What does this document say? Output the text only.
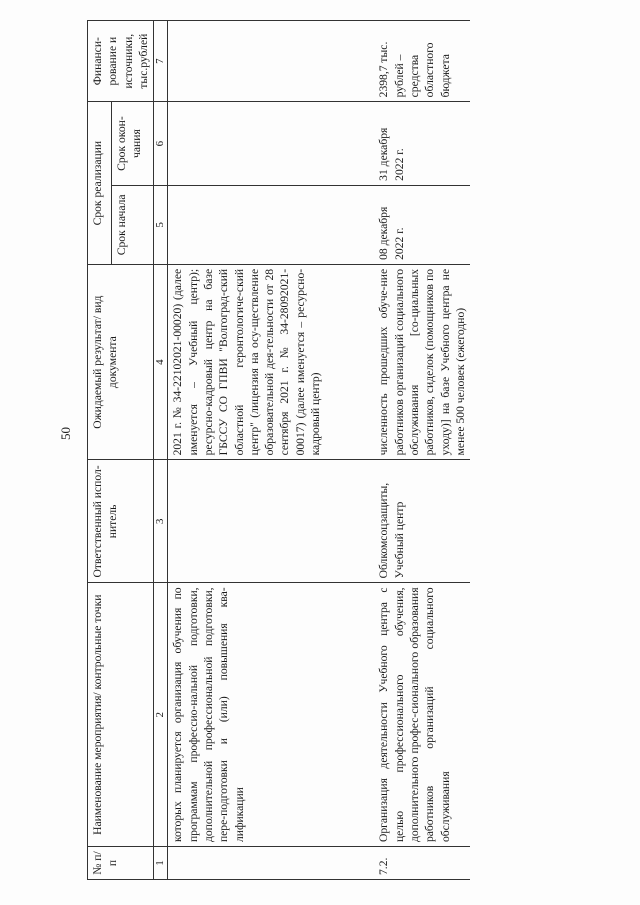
50
№ п/п	Наименование мероприятия/ контрольные точки	Ответственный испол-нитель	Ожидаемый результат/ вид документа	Срок реализации		Финанси-рование и источники, тыс.рублей
				Срок начала	Срок окон-чания	
1	2	3	4	5	6	7
	которых планируется организация обучения по программам профессио-нальной подготовки, дополнительной профессиональной подготовки, пере-подготовки и (или) повышения ква-лификации		2021 г. № 34-22102021-00020) (далее именуется – Учебный центр); ресурсно-кадровый центр на базе ГБССУ СО ГПВИ "Волгоград-ский областной геронтологиче-ский центр" (лицензия на осу-ществление образовательной дея-тельности от 28 сентября 2021 г. № 34-28092021-00017) (далее именуется – ресурсно-кадровый центр)			
7.2.	Организация деятельности Учебного центра с целью профессионального обучения, дополнительного профес-сионального образования работников организаций социального обслуживания	Облкомсоцзащиты, Учебный центр	численность прошедших обуче-ние работников организаций социального обслуживания [со-циальных работников, сиделок (помощников по уходу)] на базе Учебного центра не менее 500 человек (ежегодно)	08 декабря 2022 г.	31 декабря 2022 г.	2398,7 тыс. рублей – средства областного бюджета
